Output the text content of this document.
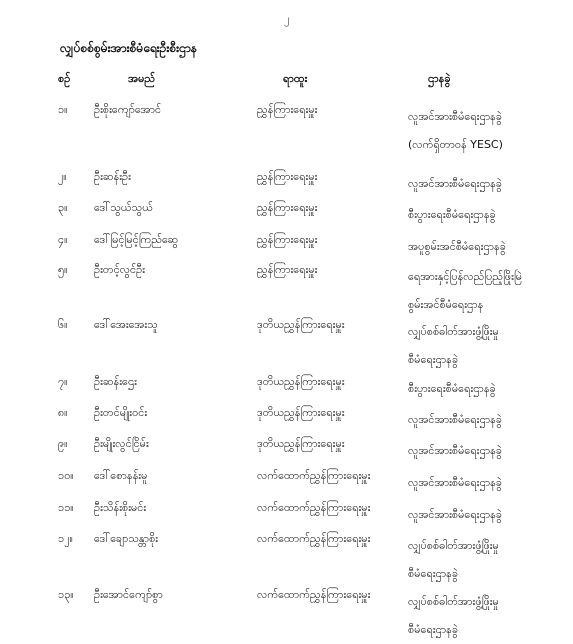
၂
လျှပ်စစ်စွမ်းအားစီမံရေးဦးစီးဌာန
စဉ်	အမည်	ရာထူး	ဌာနခွဲ
၁။ ဦးစိုးကျော်အောင်	ညွှန်ကြားရေးမှူး
လူအင်အားစီမံရေးဌာနခွဲ
(လက်ရှိတာဝန် YESC)
၂။ ဦးဆန်းဦး	ညွှန်ကြားရေးမှူး
လူအင်အားစီမံရေးဌာနခွဲ
၃။ ဒေါ်သွယ်သွယ်	ညွှန်ကြားရေးမှူး
စီးပွားရေးစီမံရေးဌာနခွဲ
၄။ ဒေါ်မြင့်မြင့်ကြည်ဆွေ	ညွှန်ကြားရေးမှူး
အပူစွမ်းအင်စီမံရေးဌာနခွဲ
၅။ ဦးတင့်လွင်ဦး	ညွှန်ကြားရေးမှူး
ရေအားနှင့်ပြန်လည်ပြည့်ဖြိုးမြဲ
စွမ်းအင်စီမံရေးဌာန
၆။ ဒေါ်အေးအေးသူ	ဒုတိယညွှန်ကြားရေးမှူး
လျှပ်စစ်ဓါတ်အားဖွံ့ဖြိုးမှု
စီမံရေးဌာနခွဲ
၇။ ဦးဆန်းဌေး	ဒုတိယညွှန်ကြားရေးမှူး
စီးပွားရေးစီမံရေးဌာနခွဲ
၈။ ဦးတင်မျိုးဝင်း	ဒုတိယညွှန်ကြားရေးမှူး
လူအင်အားစီမံရေးဌာနခွဲ
၉။ ဦးမျိုးလွင်ငြိမ်း	ဒုတိယညွှန်ကြားရေးမှူး
လူအင်အားစီမံရေးဌာနခွဲ
၁၀။ ဒေါ်စောနန်းမူ	လက်ထောက်ညွှန်ကြားရေးမှူး
လူအင်အားစီမံရေးဌာနခွဲ
၁၁။ ဦးသိန်းစိုးမင်း	လက်ထောက်ညွှန်ကြားရေးမှူး
လူအင်အားစီမံရေးဌာနခွဲ
၁၂။ ဒေါ်ချောသန္တာစိုး	လက်ထောက်ညွှန်ကြားရေးမှူး
လျှပ်စစ်ဓါတ်အားဖွံ့ဖြိုးမှု
စီမံရေးဌာနခွဲ
၁၃။ ဦးအောင်ကျော်စွာ	လက်ထောက်ညွှန်ကြားရေးမှူး
လျှပ်စစ်ဓါတ်အားဖွံ့ဖြိုးမှု
စီမံရေးဌာနခွဲ
